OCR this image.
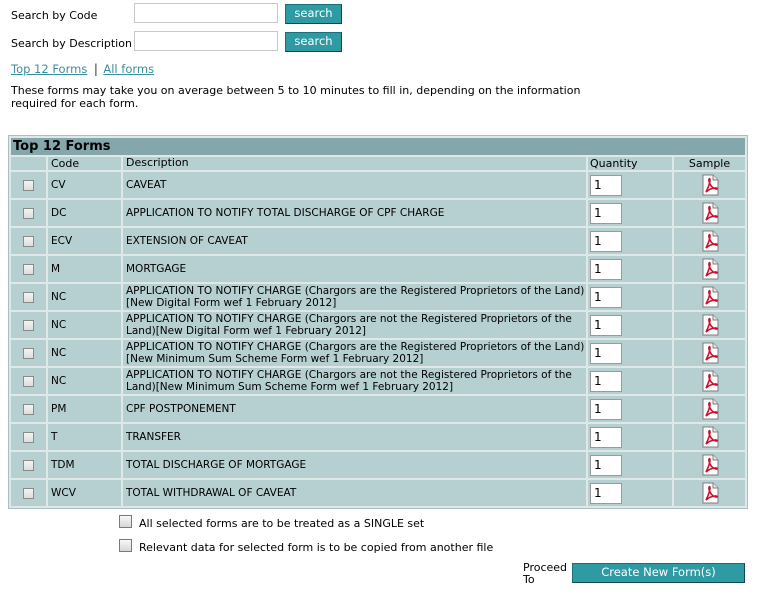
Search by Code	search
Search by Description	search
Top 12 Forms | All forms
These forms may take you on average between 5 to 10 minutes to fill in, depending on the information
required for each form.
Top 12 Forms				
	Code	Description	Quantity	Sample
	CV	CAVEAT	1	
	DC	APPLICATION TO NOTIFY TOTAL DISCHARGE OF CPF CHARGE	1	
	ECV	EXTENSION OF CAVEAT	1	
	M	MORTGAGE	1	
	NC	APPLICATION TO NOTIFY CHARGE (Chargors are the Registered Proprietors of the Land) [New Digital Form wef 1 February 2012]	1	
	NC	APPLICATION TO NOTIFY CHARGE (Chargors are not the Registered Proprietors of the Land)[New Digital Form wef 1 February 2012]	1	
	NC	APPLICATION TO NOTIFY CHARGE (Chargors are the Registered Proprietors of the Land)[New Minimum Sum Scheme Form wef 1 February 2012]	1	
	NC	APPLICATION TO NOTIFY CHARGE (Chargors are not the Registered Proprietors of the Land)[New Minimum Sum Scheme Form wef 1 February 2012]	1	
	PM	CPF POSTPONEMENT	1	
	T	TRANSFER	1	
	TDM	TOTAL DISCHARGE OF MORTGAGE	1	
	WCV	TOTAL WITHDRAWAL OF CAVEAT	1	
All selected forms are to be treated as a SINGLE set
Relevant data for selected form is to be copied from another file
Proceed
To
Create New Form(s)
